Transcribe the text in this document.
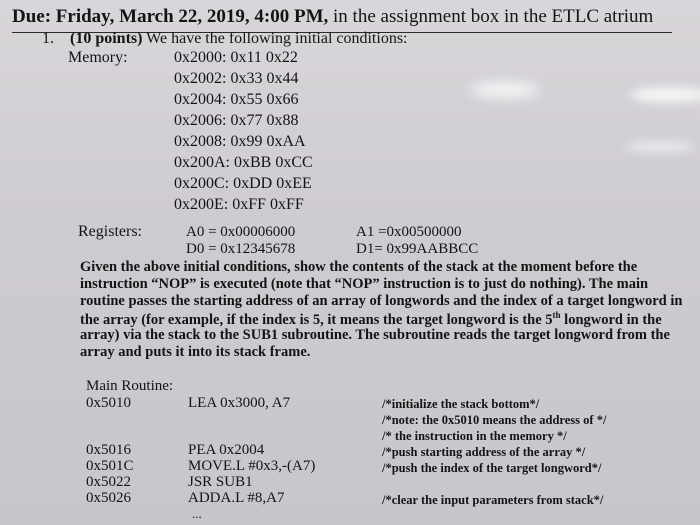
Due: Friday, March 22, 2019, 4:00 PM, in the assignment box in the ETLC atrium
1. (10 points) We have the following initial conditions:
Memory:	0x2000: 0x11 0x22
0x2002: 0x33 0x44
0x2004: 0x55 0x66
0x2006: 0x77 0x88
0x2008: 0x99 0xAA
0x200A: 0xBB 0xCC
0x200C: 0xDD 0xEE
0x200E: 0xFF 0xFF
Registers:	A0 = 0x00006000	A1 =0x00500000
D0 = 0x12345678	D1= 0x99AABBCC
Given the above initial conditions, show the contents of the stack at the moment before the
instruction “NOP” is executed (note that “NOP” instruction is to just do nothing). The main
routine passes the starting address of an array of longwords and the index of a target longword in
the array (for example, if the index is 5, it means the target longword is the 5th longword in the
array) via the stack to the SUB1 subroutine. The subroutine reads the target longword from the
array and puts it into its stack frame.
Main Routine:
0x5010	LEA 0x3000, A7	/*initialize the stack bottom*/
/*note: the 0x5010 means the address of */
/* the instruction in the memory */
0x5016	PEA 0x2004	/*push starting address of the array */
0x501C	MOVE.L #0x3,-(A7)	/*push the index of the target longword*/
0x5022	JSR SUB1
0x5026	ADDA.L #8,A7	/*clear the input parameters from stack*/
...
